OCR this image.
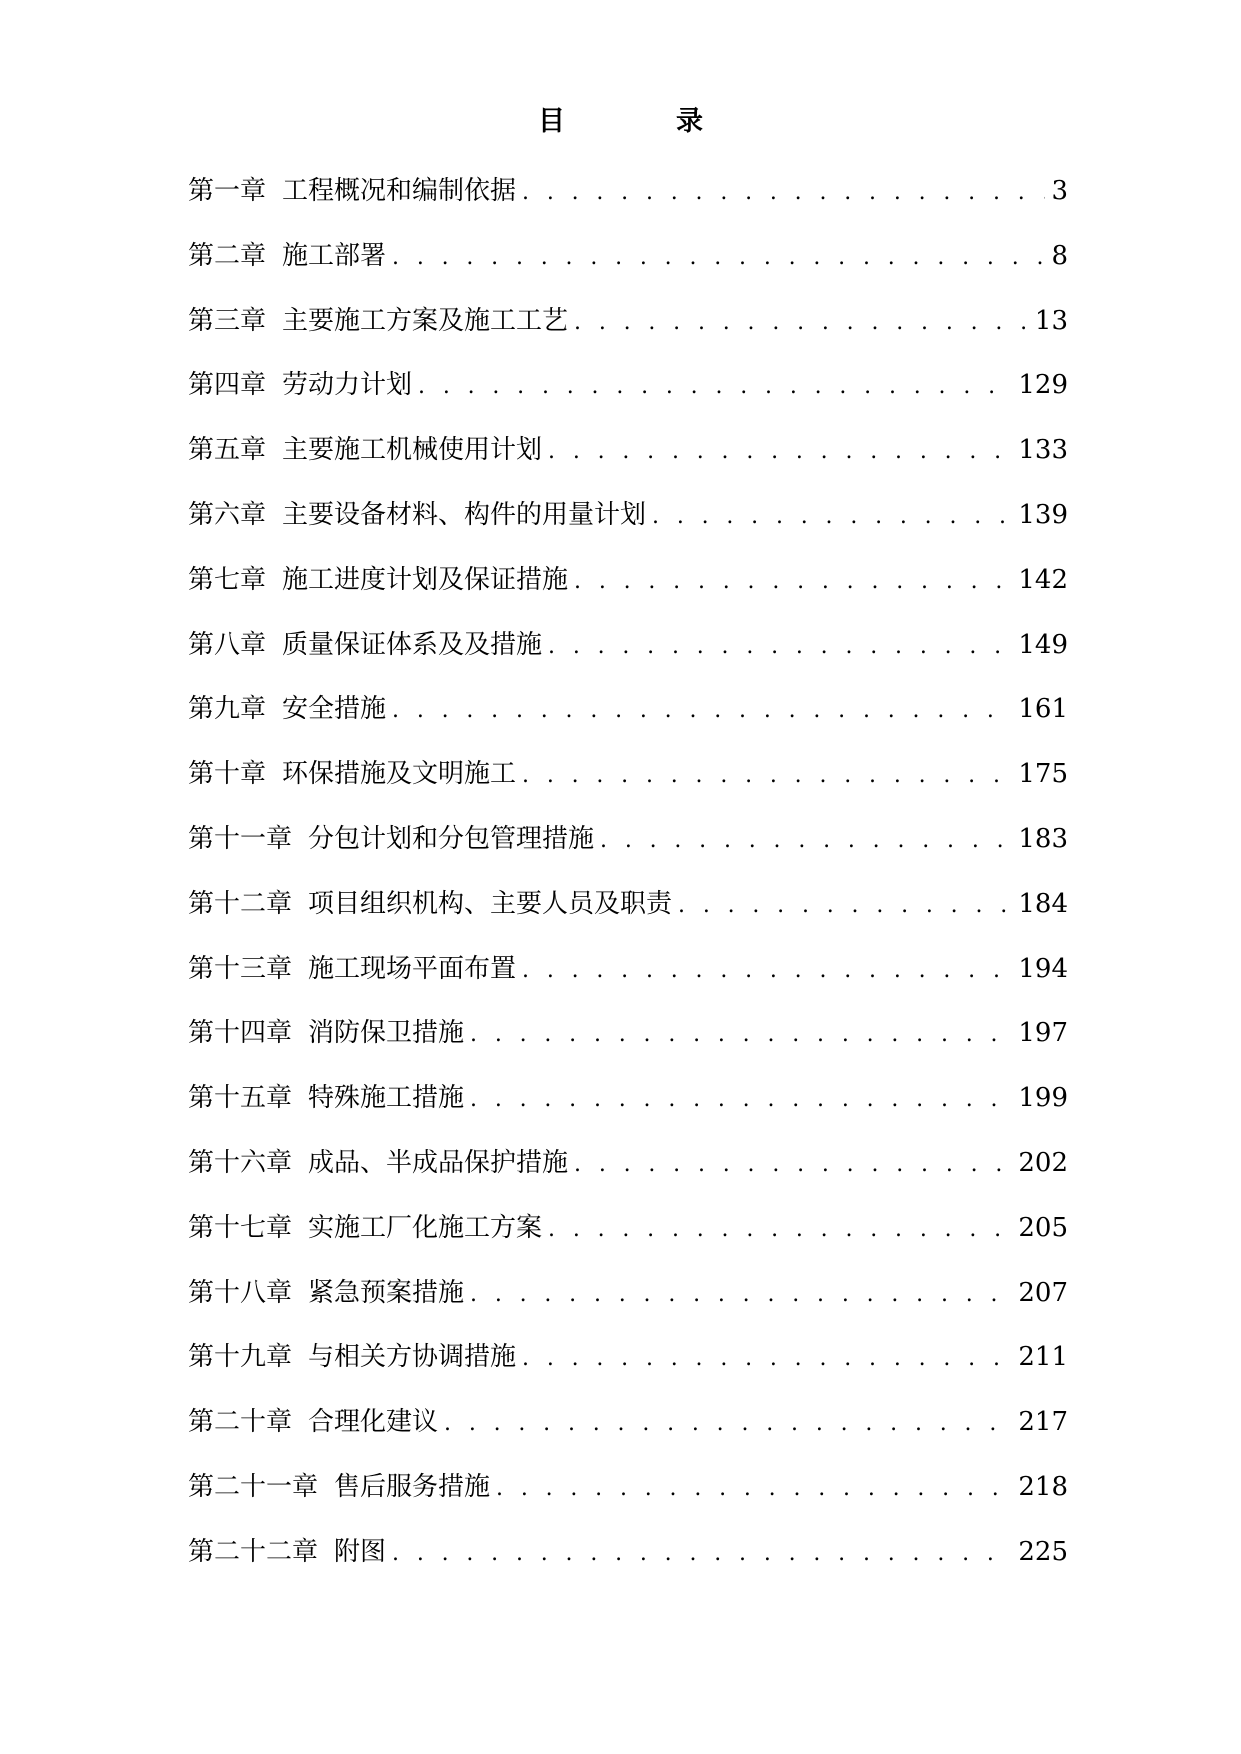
目　录
第一章 工程概况和编制依据 . . .	3
第二章 施工部署 . . .	8
第三章 主要施工方案及施工工艺 . . .	13
第四章 劳动力计划 . . .	129
第五章 主要施工机械使用计划 . . .	133
第六章 主要设备材料、构件的用量计划 . . .	139
第七章 施工进度计划及保证措施 . . .	142
第八章 质量保证体系及及措施 . . .	149
第九章 安全措施 . . .	161
第十章 环保措施及文明施工 . . .	175
第十一章 分包计划和分包管理措施 . . .	183
第十二章 项目组织机构、主要人员及职责 . . .	184
第十三章 施工现场平面布置 . . .	194
第十四章 消防保卫措施 . . .	197
第十五章 特殊施工措施 . . .	199
第十六章 成品、半成品保护措施 . . .	202
第十七章 实施工厂化施工方案 . . .	205
第十八章 紧急预案措施 . . .	207
第十九章 与相关方协调措施 . . .	211
第二十章 合理化建议 . . .	217
第二十一章 售后服务措施 . . .	218
第二十二章 附图 . . .	225
